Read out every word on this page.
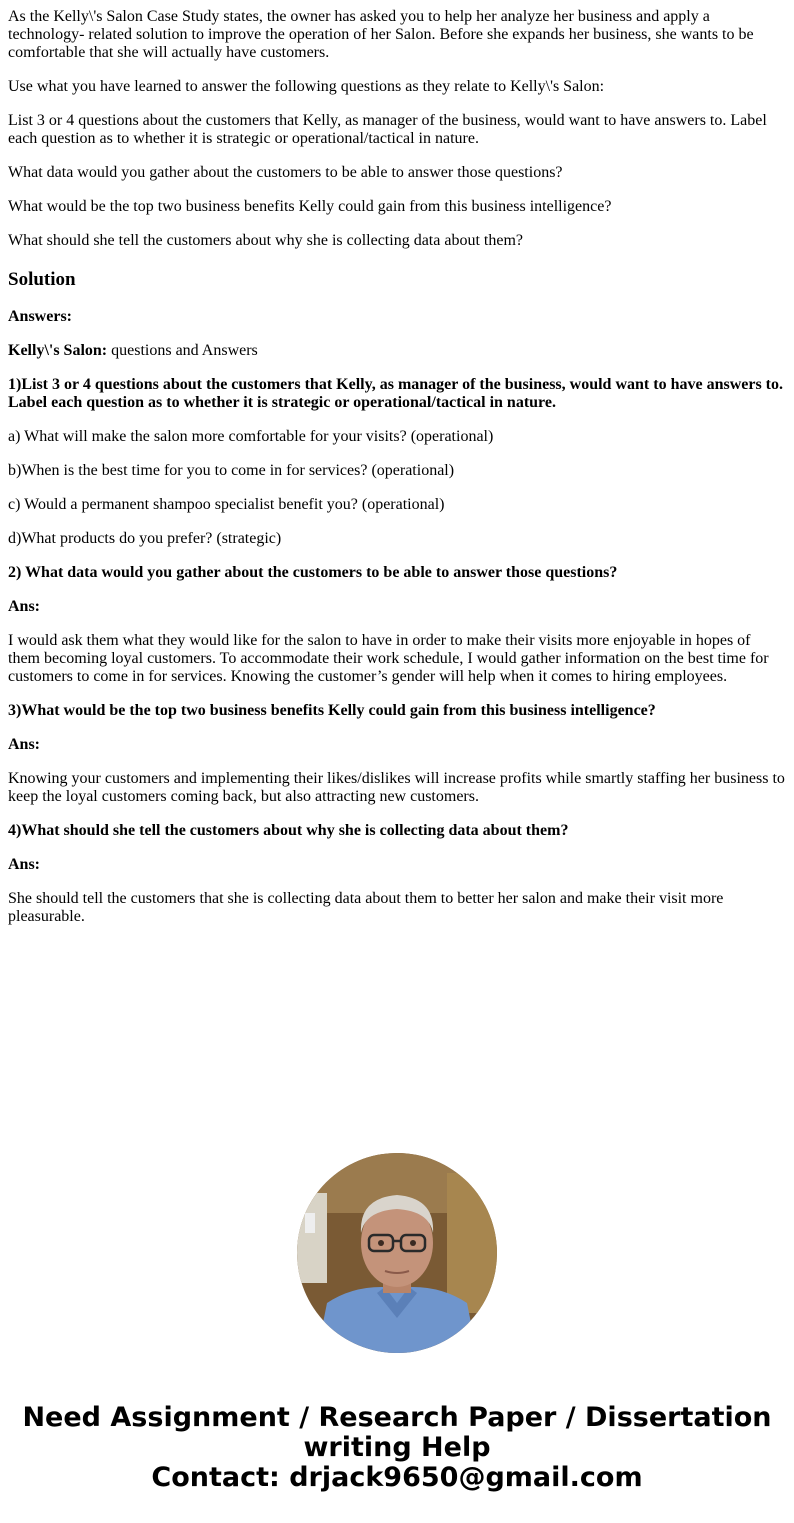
As the Kelly\'s Salon Case Study states, the owner has asked you to help her analyze her business and apply a technology- related solution to improve the operation of her Salon. Before she expands her business, she wants to be comfortable that she will actually have customers.

Use what you have learned to answer the following questions as they relate to Kelly\'s Salon:

List 3 or 4 questions about the customers that Kelly, as manager of the business, would want to have answers to. Label each question as to whether it is strategic or operational/tactical in nature.

What data would you gather about the customers to be able to answer those questions?

What would be the top two business benefits Kelly could gain from this business intelligence?

What should she tell the customers about why she is collecting data about them?

Solution

Answers:

Kelly\'s Salon: questions and Answers

1)List 3 or 4 questions about the customers that Kelly, as manager of the business, would want to have answers to. Label each question as to whether it is strategic or operational/tactical in nature.

a) What will make the salon more comfortable for your visits? (operational)

b)When is the best time for you to come in for services? (operational)

c) Would a permanent shampoo specialist benefit you? (operational)

d)What products do you prefer? (strategic)

2) What data would you gather about the customers to be able to answer those questions?

Ans:

I would ask them what they would like for the salon to have in order to make their visits more enjoyable in hopes of them becoming loyal customers. To accommodate their work schedule, I would gather information on the best time for customers to come in for services. Knowing the customer’s gender will help when it comes to hiring employees.

3)What would be the top two business benefits Kelly could gain from this business intelligence?

Ans:

Knowing your customers and implementing their likes/dislikes will increase profits while smartly staffing her business to keep the loyal customers coming back, but also attracting new customers.

4)What should she tell the customers about why she is collecting data about them?

Ans:

She should tell the customers that she is collecting data about them to better her salon and make their visit more pleasurable.

Need Assignment / Research Paper / Dissertation
writing Help
Contact: drjack9650@gmail.com
